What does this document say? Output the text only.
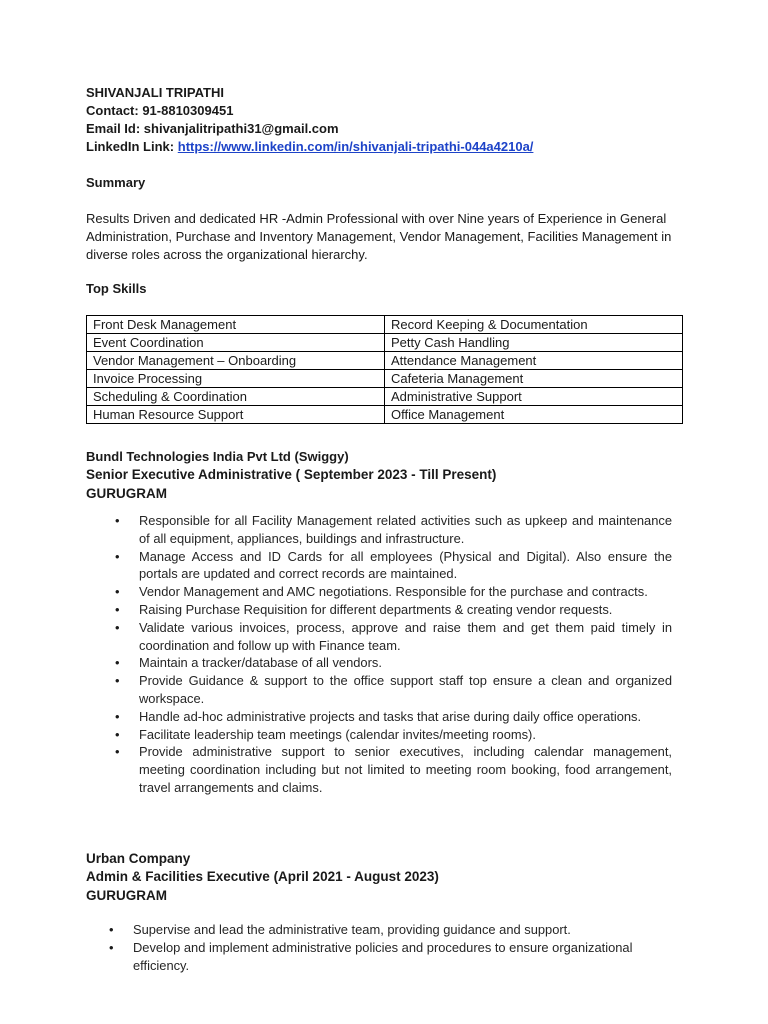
SHIVANJALI TRIPATHI
Contact: 91-8810309451
Email Id: shivanjalitripathi31@gmail.com
LinkedIn Link: https://www.linkedin.com/in/shivanjali-tripathi-044a4210a/
Summary
Results Driven and dedicated HR -Admin Professional with over Nine years of Experience in General Administration, Purchase and Inventory Management, Vendor Management, Facilities Management in diverse roles across the organizational hierarchy.
Top Skills
Front Desk Management	Record Keeping & Documentation
Event Coordination	Petty Cash Handling
Vendor Management – Onboarding	Attendance Management
Invoice Processing	Cafeteria Management
Scheduling & Coordination	Administrative Support
Human Resource Support	Office Management
Bundl Technologies India Pvt Ltd (Swiggy)
Senior Executive Administrative ( September 2023 - Till Present)
GURUGRAM
• Responsible for all Facility Management related activities such as upkeep and maintenance of all equipment, appliances, buildings and infrastructure.
• Manage Access and ID Cards for all employees (Physical and Digital). Also ensure the portals are updated and correct records are maintained.
• Vendor Management and AMC negotiations. Responsible for the purchase and contracts.
• Raising Purchase Requisition for different departments & creating vendor requests.
• Validate various invoices, process, approve and raise them and get them paid timely in coordination and follow up with Finance team.
• Maintain a tracker/database of all vendors.
• Provide Guidance & support to the office support staff top ensure a clean and organized workspace.
• Handle ad-hoc administrative projects and tasks that arise during daily office operations.
• Facilitate leadership team meetings (calendar invites/meeting rooms).
• Provide administrative support to senior executives, including calendar management, meeting coordination including but not limited to meeting room booking, food arrangement, travel arrangements and claims.
Urban Company
Admin & Facilities Executive (April 2021 - August 2023)
GURUGRAM
• Supervise and lead the administrative team, providing guidance and support.
• Develop and implement administrative policies and procedures to ensure organizational efficiency.
